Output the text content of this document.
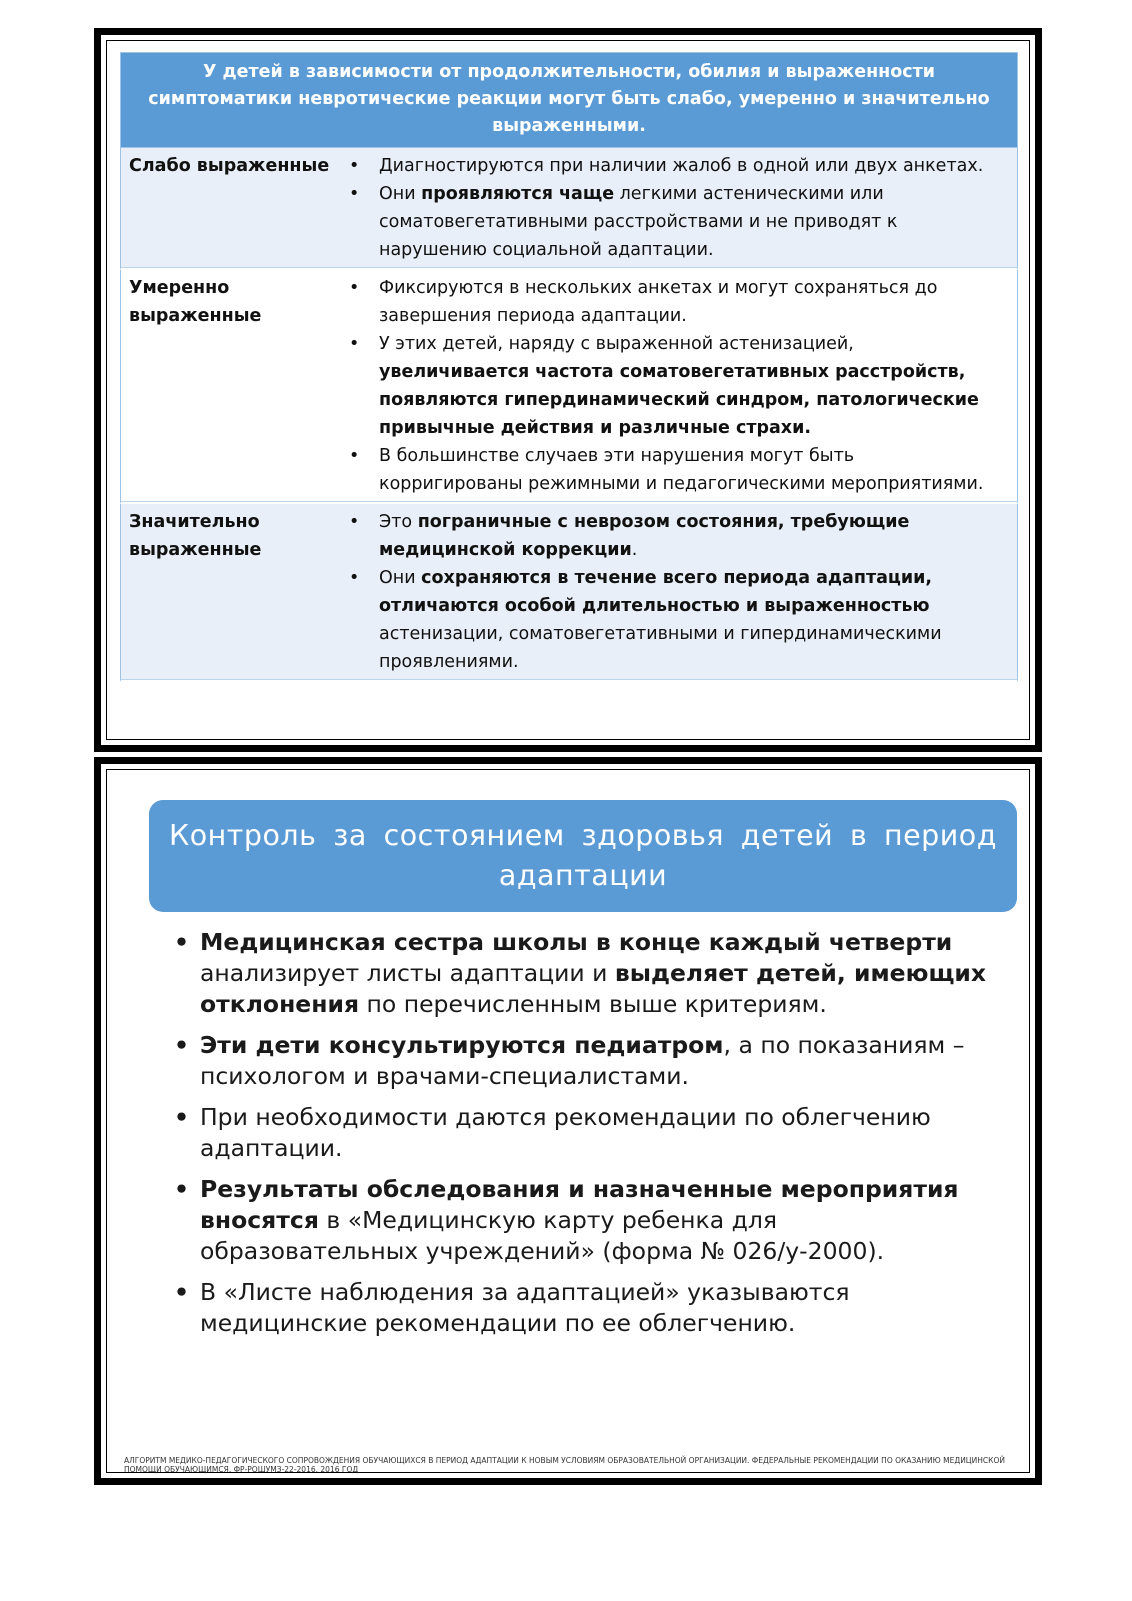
У детей в зависимости от продолжительности, обилия и выраженности симптоматики невротические реакции могут быть слабо, умеренно и значительно выраженными.
Слабо выраженные
•	Диагностируются при наличии жалоб в одной или двух анкетах.
• Они проявляются чаще легкими астеническими или соматовегетативными расстройствами и не приводят к нарушению социальной адаптации.
Умеренно выраженные
• Фиксируются в нескольких анкетах и могут сохраняться до завершения периода адаптации.
• У этих детей, наряду с выраженной астенизацией, увеличивается частота соматовегетативных расстройств, появляются гипердинамический синдром, патологические привычные действия и различные страхи.
• В большинстве случаев эти нарушения могут быть корригированы режимными и педагогическими мероприятиями.
Значительно выраженные
• Это пограничные с неврозом состояния, требующие медицинской коррекции.
• Они сохраняются в течение всего периода адаптации, отличаются особой длительностью и выраженностью астенизации, соматовегетативными и гипердинамическими проявлениями.
Контроль за состоянием здоровья детей в период
адаптации
• Медицинская сестра школы в конце каждый четверти анализирует листы адаптации и выделяет детей, имеющих отклонения по перечисленным выше критериям.
• Эти дети консультируются педиатром, а по показаниям – психологом и врачами-специалистами.
• При необходимости даются рекомендации по облегчению адаптации.
• Результаты обследования и назначенные мероприятия вносятся в «Медицинскую карту ребенка для образовательных учреждений» (форма № 026/у-2000).
• В «Листе наблюдения за адаптацией» указываются медицинские рекомендации по ее облегчению.
АЛГОРИТМ МЕДИКО-ПЕДАГОГИЧЕСКОГО СОПРОВОЖДЕНИЯ ОБУЧАЮЩИХСЯ В ПЕРИОД АДАПТАЦИИ К НОВЫМ УСЛОВИЯМ ОБРАЗОВАТЕЛЬНОЙ ОРГАНИЗАЦИИ. ФЕДЕРАЛЬНЫЕ РЕКОМЕНДАЦИИ ПО ОКАЗАНИЮ МЕДИЦИНСКОЙ ПОМОЩИ ОБУЧАЮЩИМСЯ. ФР-РОШУМЗ-22-2016. 2016 ГОД
